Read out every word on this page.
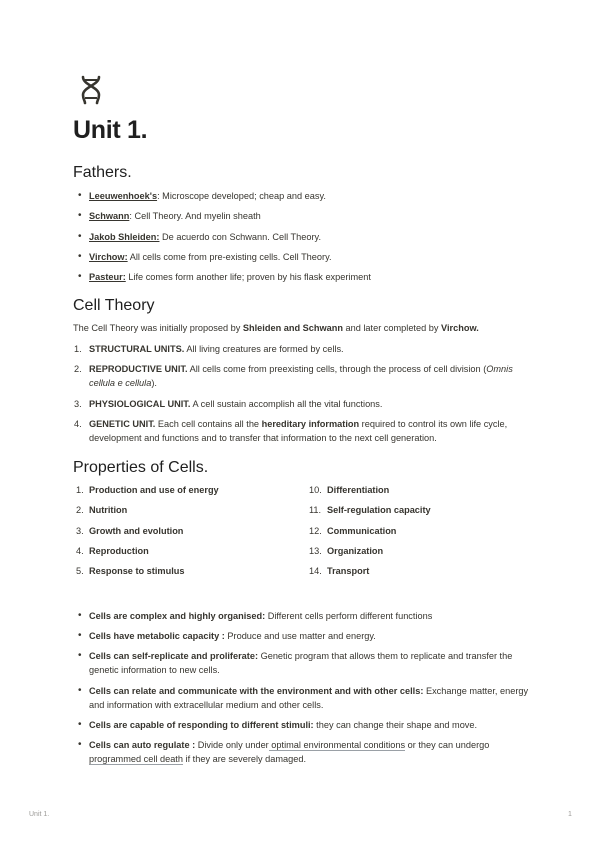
Unit 1.
Fathers.
• Leeuwenhoek's: Microscope developed; cheap and easy.
• Schwann: Cell Theory. And myelin sheath
• Jakob Shleiden: De acuerdo con Schwann. Cell Theory.
• Virchow: All cells come from pre-existing cells. Cell Theory.
• Pasteur: Life comes form another life; proven by his flask experiment
Cell Theory

The Cell Theory was initially proposed by Shleiden and Schwann and later completed by Virchow.

1. STRUCTURAL UNITS. All living creatures are formed by cells.
2. REPRODUCTIVE UNIT. All cells come from preexisting cells, through the process of cell division (Omnis cellula e cellula).
3. PHYSIOLOGICAL UNIT. A cell sustain accomplish all the vital functions.
4. GENETIC UNIT. Each cell contains all the hereditary information required to control its own life cycle, development and functions and to transfer that information to the next cell generation.
Properties of Cells.
1. Production and use of energy
2. Nutrition
3. Growth and evolution
4. Reproduction
5. Response to stimulus
10. Differentiation
11. Self-regulation capacity
12. Communication
13. Organization
14. Transport
• Cells are complex and highly organised: Different cells perform different functions
• Cells have metabolic capacity : Produce and use matter and energy.
• Cells can self-replicate and proliferate: Genetic program that allows them to replicate and transfer the genetic information to new cells.
• Cells can relate and communicate with the environment and with other cells: Exchange matter, energy and information with extracellular medium and other cells.
• Cells are capable of responding to different stimuli: they can change their shape and move.
• Cells can auto regulate : Divide only under optimal environmental conditions or they can undergo programmed cell death if they are severely damaged.
Unit 1.	1
